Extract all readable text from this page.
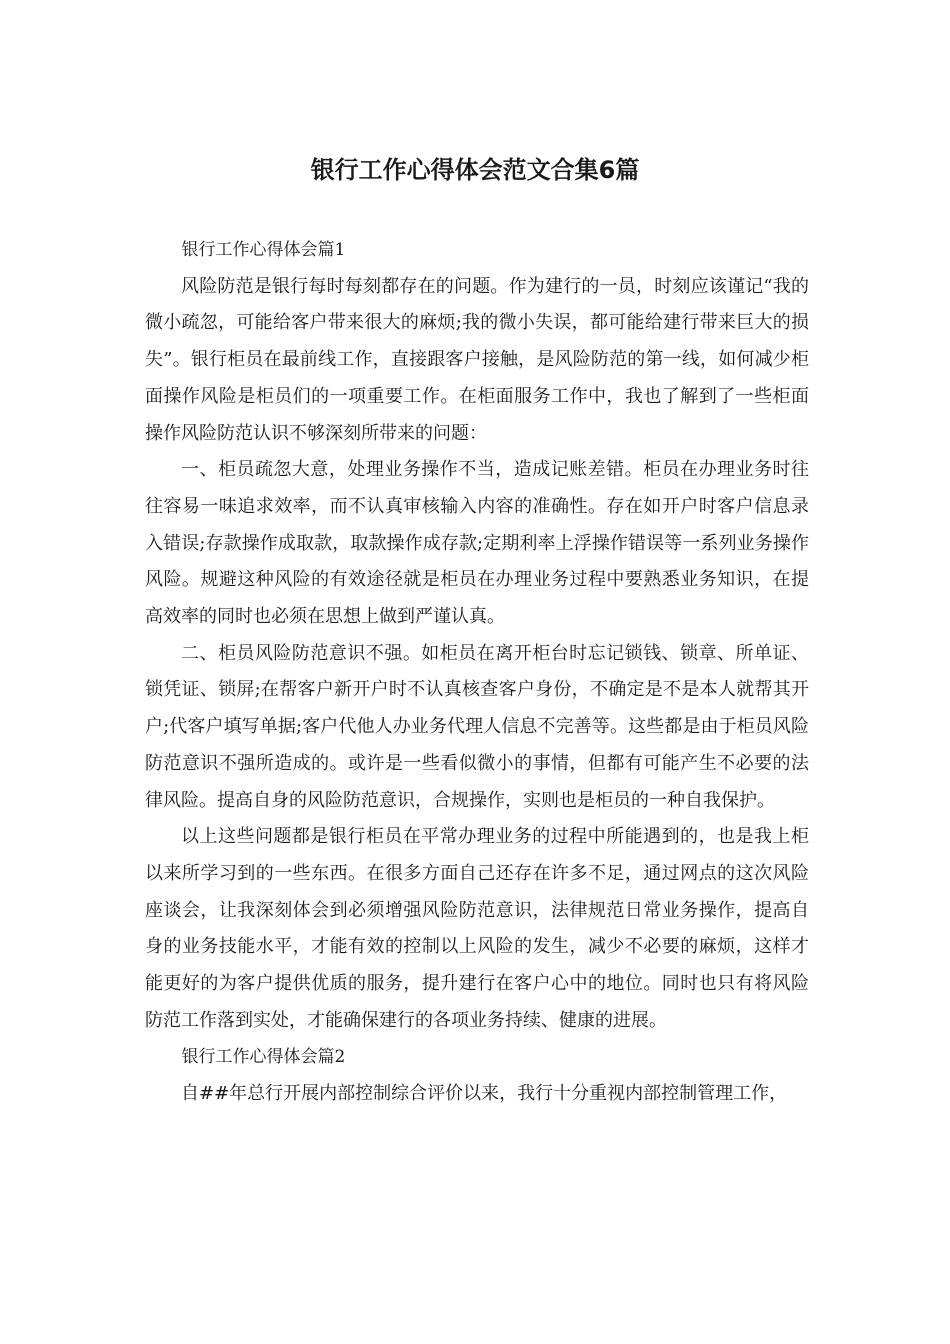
银行工作心得体会范文合集6篇

银行工作心得体会篇1

风险防范是银行每时每刻都存在的问题。作为建行的一员，时刻应该谨记“我的微小疏忽，可能给客户带来很大的麻烦;我的微小失误，都可能给建行带来巨大的损失”。银行柜员在最前线工作，直接跟客户接触，是风险防范的第一线，如何减少柜面操作风险是柜员们的一项重要工作。在柜面服务工作中，我也了解到了一些柜面操作风险防范认识不够深刻所带来的问题：

一、柜员疏忽大意，处理业务操作不当，造成记账差错。柜员在办理业务时往往容易一味追求效率，而不认真审核输入内容的准确性。存在如开户时客户信息录入错误;存款操作成取款，取款操作成存款;定期利率上浮操作错误等一系列业务操作风险。规避这种风险的有效途径就是柜员在办理业务过程中要熟悉业务知识，在提高效率的同时也必须在思想上做到严谨认真。

二、柜员风险防范意识不强。如柜员在离开柜台时忘记锁钱、锁章、所单证、锁凭证、锁屏;在帮客户新开户时不认真核查客户身份，不确定是不是本人就帮其开户;代客户填写单据;客户代他人办业务代理人信息不完善等。这些都是由于柜员风险防范意识不强所造成的。或许是一些看似微小的事情，但都有可能产生不必要的法律风险。提高自身的风险防范意识，合规操作，实则也是柜员的一种自我保护。

以上这些问题都是银行柜员在平常办理业务的过程中所能遇到的，也是我上柜以来所学习到的一些东西。在很多方面自己还存在许多不足，通过网点的这次风险座谈会，让我深刻体会到必须增强风险防范意识，法律规范日常业务操作，提高自身的业务技能水平，才能有效的控制以上风险的发生，减少不必要的麻烦，这样才能更好的为客户提供优质的服务，提升建行在客户心中的地位。同时也只有将风险防范工作落到实处，才能确保建行的各项业务持续、健康的进展。

银行工作心得体会篇2

自##年总行开展内部控制综合评价以来，我行十分重视内部控制管理工作，
